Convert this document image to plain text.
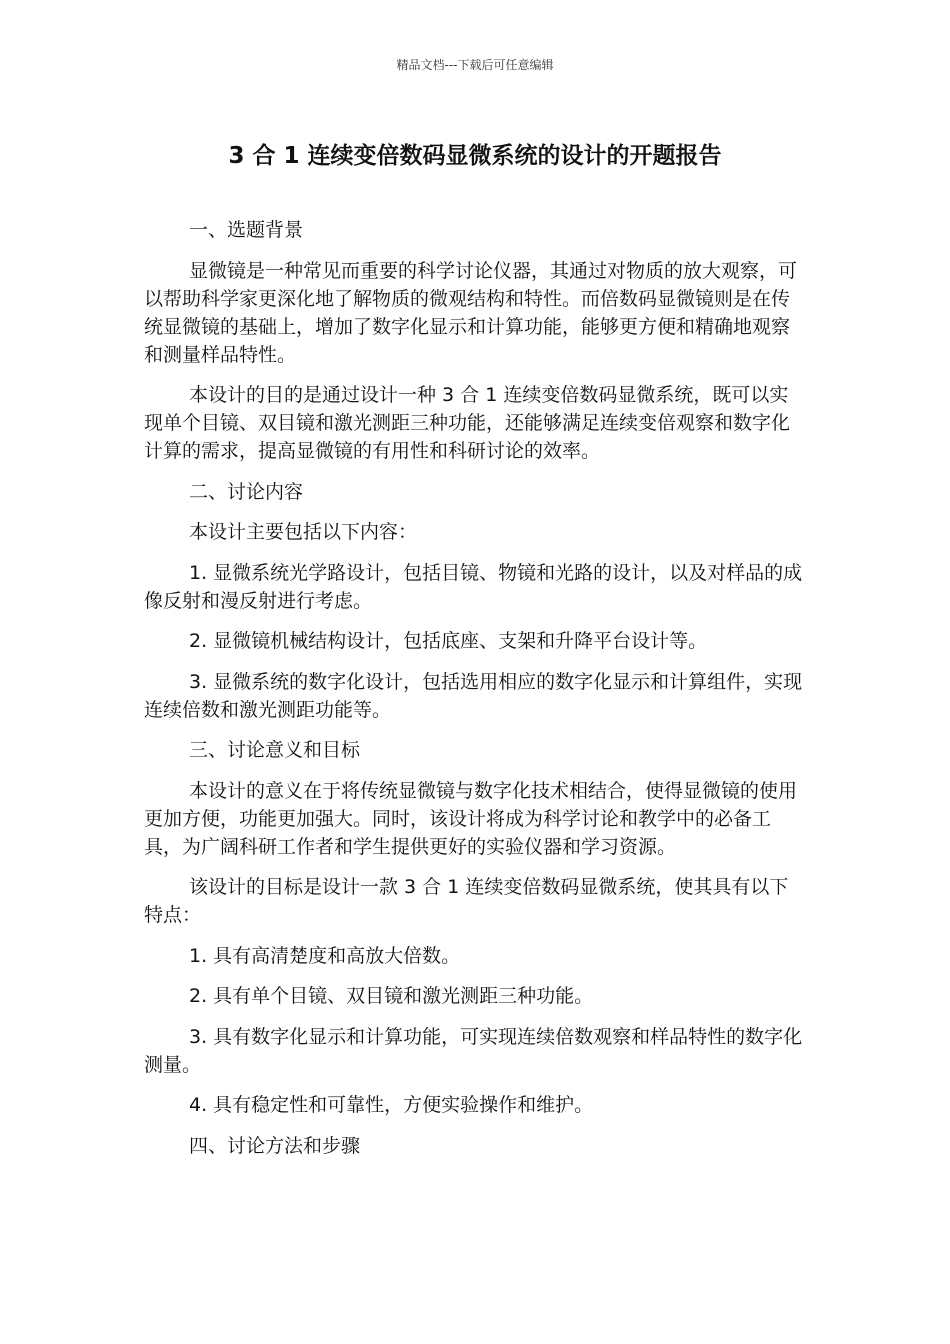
精品文档---下载后可任意编辑
3 合 1 连续变倍数码显微系统的设计的开题报告

一、选题背景

显微镜是一种常见而重要的科学讨论仪器，其通过对物质的放大观察，可以帮助科学家更深化地了解物质的微观结构和特性。而倍数码显微镜则是在传统显微镜的基础上，增加了数字化显示和计算功能，能够更方便和精确地观察和测量样品特性。

本设计的目的是通过设计一种 3 合 1 连续变倍数码显微系统，既可以实现单个目镜、双目镜和激光测距三种功能，还能够满足连续变倍观察和数字化计算的需求，提高显微镜的有用性和科研讨论的效率。

二、讨论内容

本设计主要包括以下内容：

1. 显微系统光学路设计，包括目镜、物镜和光路的设计，以及对样品的成像反射和漫反射进行考虑。

2. 显微镜机械结构设计，包括底座、支架和升降平台设计等。

3. 显微系统的数字化设计，包括选用相应的数字化显示和计算组件，实现连续倍数和激光测距功能等。

三、讨论意义和目标

本设计的意义在于将传统显微镜与数字化技术相结合，使得显微镜的使用更加方便，功能更加强大。同时，该设计将成为科学讨论和教学中的必备工具，为广阔科研工作者和学生提供更好的实验仪器和学习资源。

该设计的目标是设计一款 3 合 1 连续变倍数码显微系统，使其具有以下特点：

1. 具有高清楚度和高放大倍数。

2. 具有单个目镜、双目镜和激光测距三种功能。

3. 具有数字化显示和计算功能，可实现连续倍数观察和样品特性的数字化测量。

4. 具有稳定性和可靠性，方便实验操作和维护。

四、讨论方法和步骤
